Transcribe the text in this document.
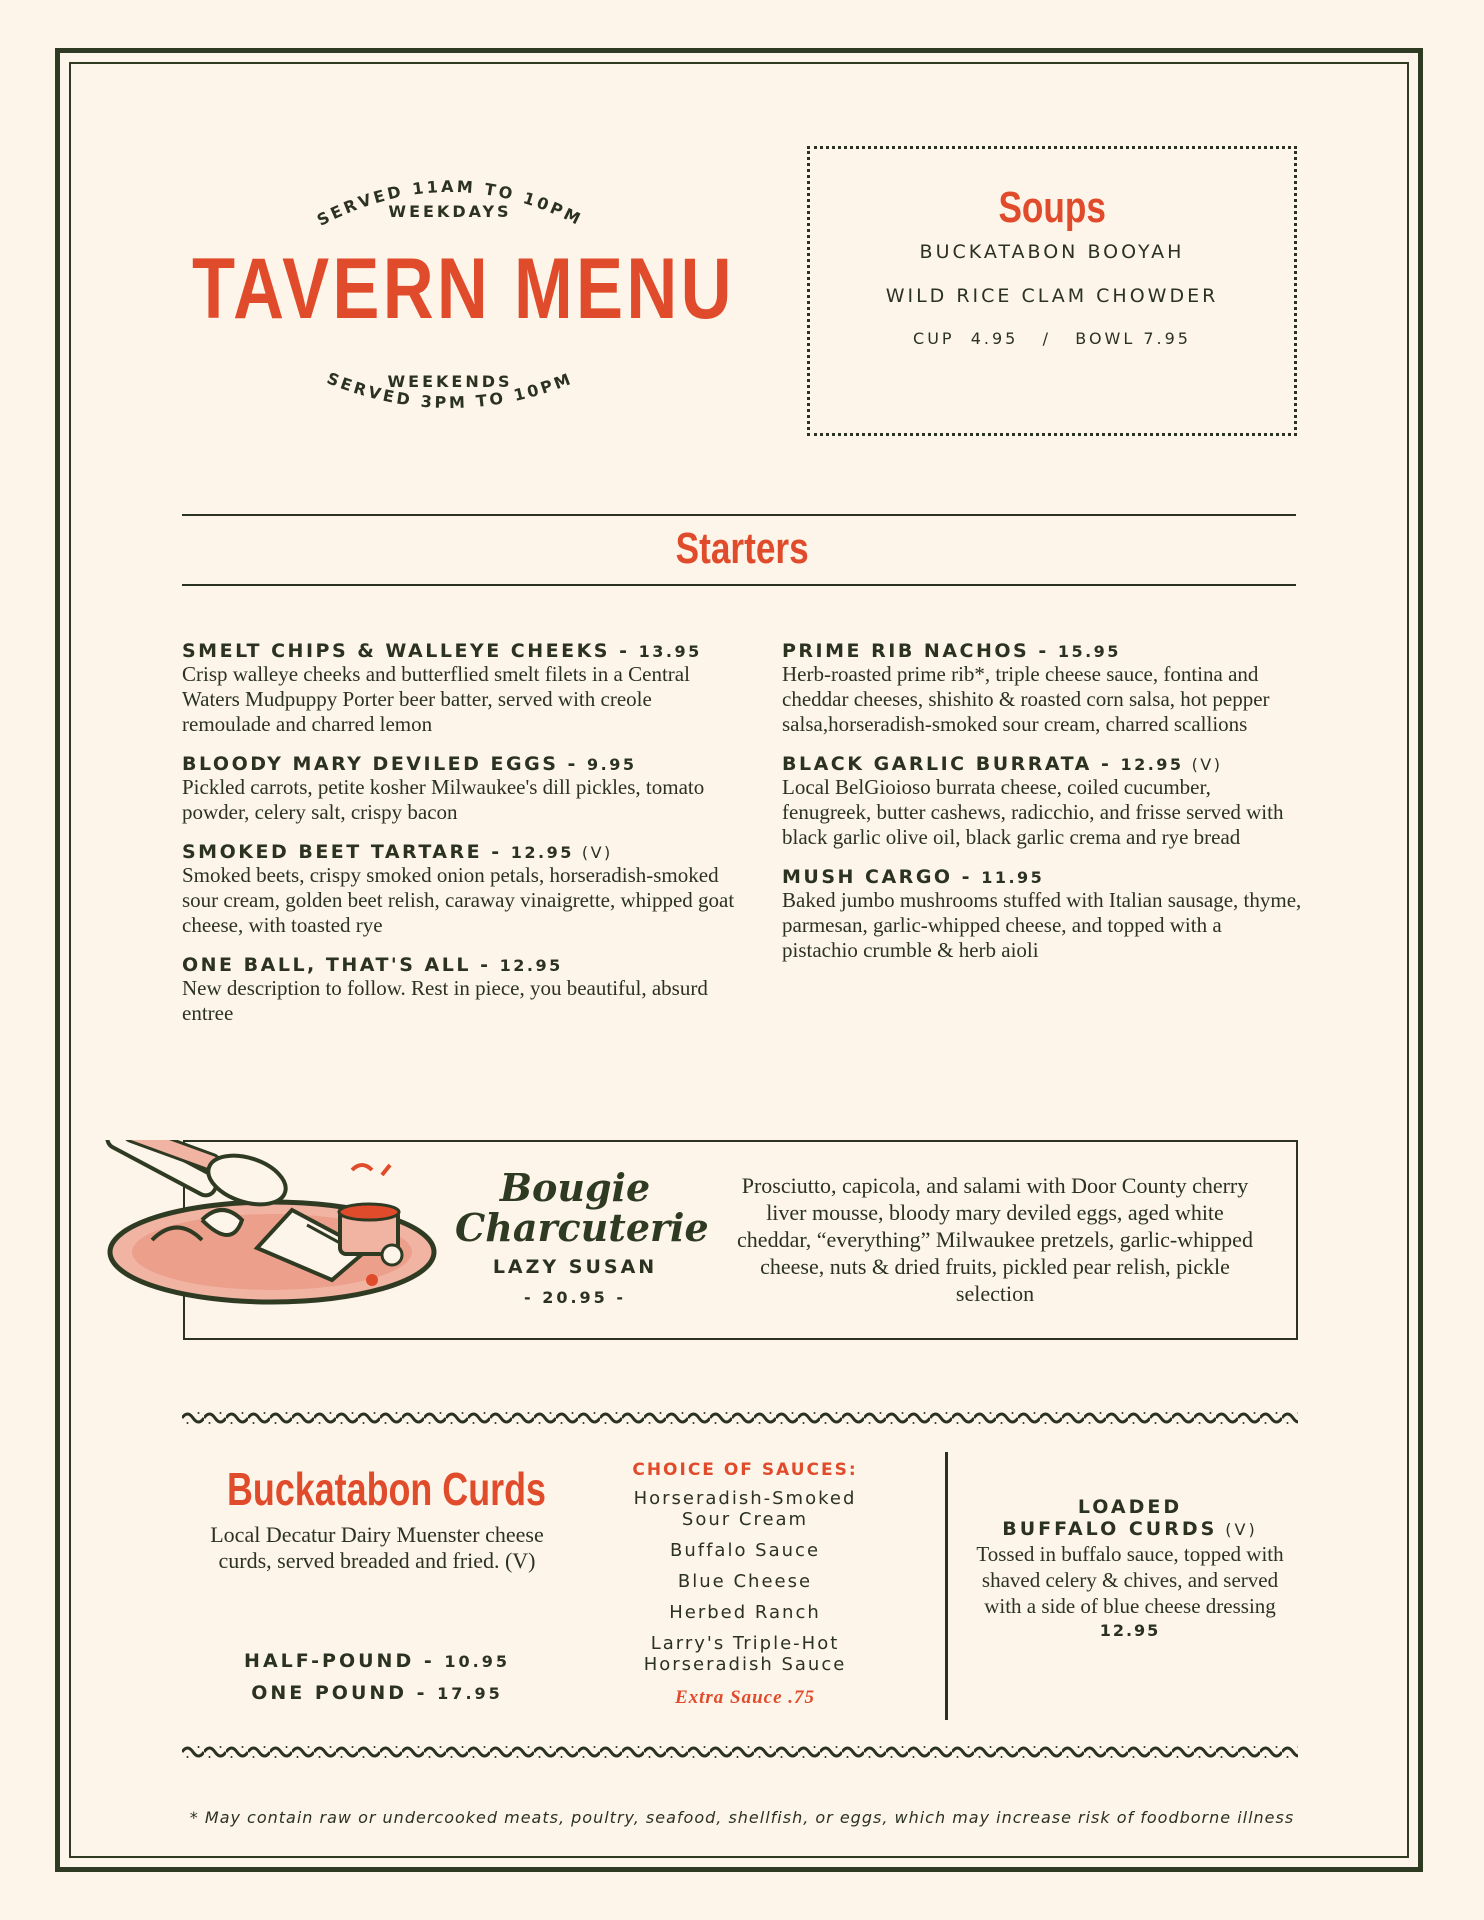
SERVED 11AM TO 10PM
WEEKDAYS
TAVERN MENU
WEEKENDS
SERVED 3PM TO 10PM
Soups
BUCKATABON BOOYAH
WILD RICE CLAM CHOWDER
CUP  4.95   /   BOWL 7.95
Starters
SMELT CHIPS & WALLEYE CHEEKS - 13.95
Crisp walleye cheeks and butterflied smelt filets in a Central Waters Mudpuppy Porter beer batter, served with creole remoulade and charred lemon
BLOODY MARY DEVILED EGGS - 9.95
Pickled carrots, petite kosher Milwaukee's dill pickles, tomato powder, celery salt, crispy bacon
SMOKED BEET TARTARE - 12.95 (V)
Smoked beets, crispy smoked onion petals, horseradish-smoked sour cream, golden beet relish, caraway vinaigrette, whipped goat cheese, with toasted rye
ONE BALL, THAT'S ALL - 12.95
New description to follow. Rest in piece, you beautiful, absurd entree
PRIME RIB NACHOS - 15.95
Herb-roasted prime rib*, triple cheese sauce, fontina and cheddar cheeses, shishito & roasted corn salsa, hot pepper salsa,horseradish-smoked sour cream, charred scallions
BLACK GARLIC BURRATA - 12.95 (V)
Local BelGioioso burrata cheese, coiled cucumber, fenugreek, butter cashews, radicchio, and frisse served with black garlic olive oil, black garlic crema and rye bread
MUSH CARGO - 11.95
Baked jumbo mushrooms stuffed with Italian sausage, thyme, parmesan, garlic-whipped cheese, and topped with a pistachio crumble & herb aioli
Bougie
Charcuterie
LAZY SUSAN
- 20.95 -
Prosciutto, capicola, and salami with Door County cherry liver mousse, bloody mary deviled eggs, aged white cheddar, “everything” Milwaukee pretzels, garlic-whipped cheese, nuts & dried fruits, pickled pear relish, pickle selection
Buckatabon Curds
Local Decatur Dairy Muenster cheese curds, served breaded and fried. (V)
HALF-POUND - 10.95
ONE POUND - 17.95
CHOICE OF SAUCES:
Horseradish-Smoked Sour Cream
Buffalo Sauce
Blue Cheese
Herbed Ranch
Larry's Triple-Hot Horseradish Sauce
Extra Sauce .75
LOADED
BUFFALO CURDS (V)
Tossed in buffalo sauce, topped with shaved celery & chives, and served with a side of blue cheese dressing
12.95
* May contain raw or undercooked meats, poultry, seafood, shellfish, or eggs, which may increase risk of foodborne illness
